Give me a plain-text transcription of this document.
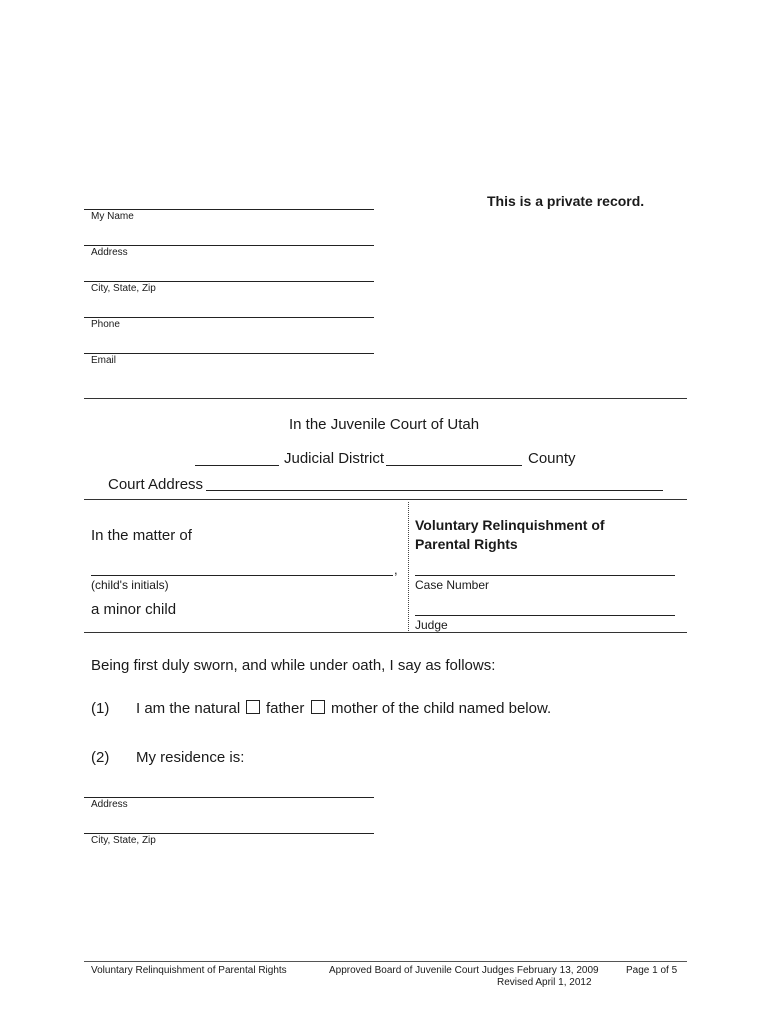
This is a private record.
My Name
Address
City, State, Zip
Phone
Email
In the Juvenile Court of Utah
Judicial District	County
Court Address
In the matter of
,
(child's initials)
a minor child
Voluntary Relinquishment of
Parental Rights
Case Number
Judge
Being first duly sworn, and while under oath, I say as follows:
(1) I am the natural father mother of the child named below.
(2) My residence is:
Address
City, State, Zip
Voluntary Relinquishment of Parental Rights	Approved Board of Juvenile Court Judges February 13, 2009
Revised April 1, 2012
Page 1 of 5
